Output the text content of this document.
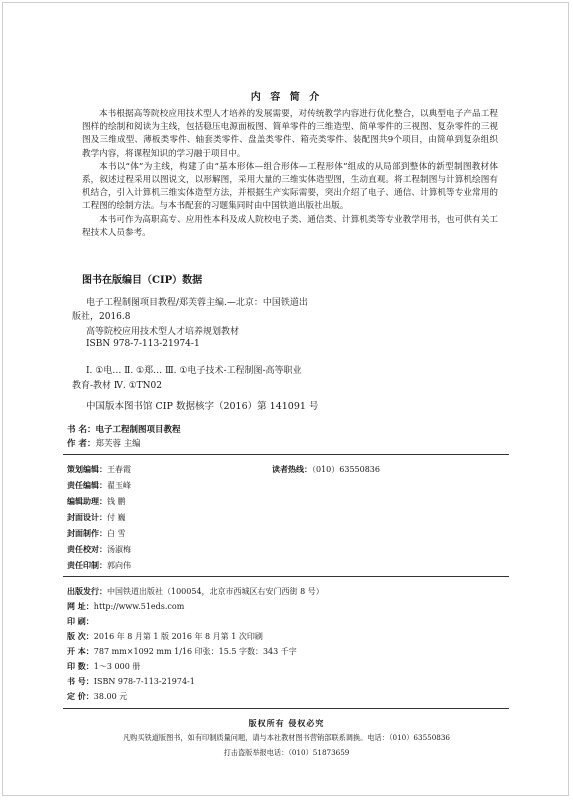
内 容 简 介

本书根据高等院校应用技术型人才培养的发展需要，对传统教学内容进行优化整合，以典型电子产品工程图样的绘制和阅读为主线，包括稳压电源面板图、简单零件的三维造型、简单零件的三视图、复杂零件的三视图及三维成型、薄板类零件、轴套类零件、盘盖类零件、箱壳类零件、装配图共9个项目，由简单到复杂组织教学内容，将课程知识的学习融于项目中。

本书以“体”为主线，构建了由“基本形体—组合形体—工程形体”组成的从局部到整体的新型制图教材体系，叙述过程采用以图说文，以形解图，采用大量的三维实体造型图，生动直观。将工程制图与计算机绘图有机结合，引入计算机三维实体造型方法，并根据生产实际需要，突出介绍了电子、通信、计算机等专业常用的工程图的绘制方法。与本书配套的习题集同时由中国铁道出版社出版。

本书可作为高职高专、应用性本科及成人院校电子类、通信类、计算机类等专业教学用书，也可供有关工程技术人员参考。

图书在版编目（CIP）数据
电子工程制图项目教程/郑芙蓉主编.—北京：中国铁道出
版社，2016.8
高等院校应用技术型人才培养规划教材
ISBN 978-7-113-21974-1
Ⅰ. ①电… Ⅱ. ①郑… Ⅲ. ①电子技术-工程制图-高等职业
教育-教材 Ⅳ. ①TN02
中国版本图书馆 CIP 数据核字（2016）第 141091 号
书 名：电子工程制图项目教程
作 者：郑芙蓉 主编
策划编辑：王春霞
责任编辑：翟玉峰
编辑助理：钱 鹏
封面设计：付 巍
封面制作：白 雪
责任校对：汤淑梅
责任印制：郭向伟
读者热线：（010）63550836
出版发行：中国铁道出版社（100054，北京市西城区右安门西街 8 号）
网 址：http://www.51eds.com
印 刷：
版 次：2016 年 8 月第 1 版 2016 年 8 月第 1 次印刷
开 本：787 mm×1092 mm 1/16 印张：15.5 字数：343 千字
印 数：1～3 000 册
书 号：ISBN 978-7-113-21974-1
定 价：38.00 元
版权所有 侵权必究
凡购买铁道版图书，如有印制质量问题，请与本社教材图书营销部联系调换。电话：（010）63550836
打击盗版举报电话：（010）51873659
